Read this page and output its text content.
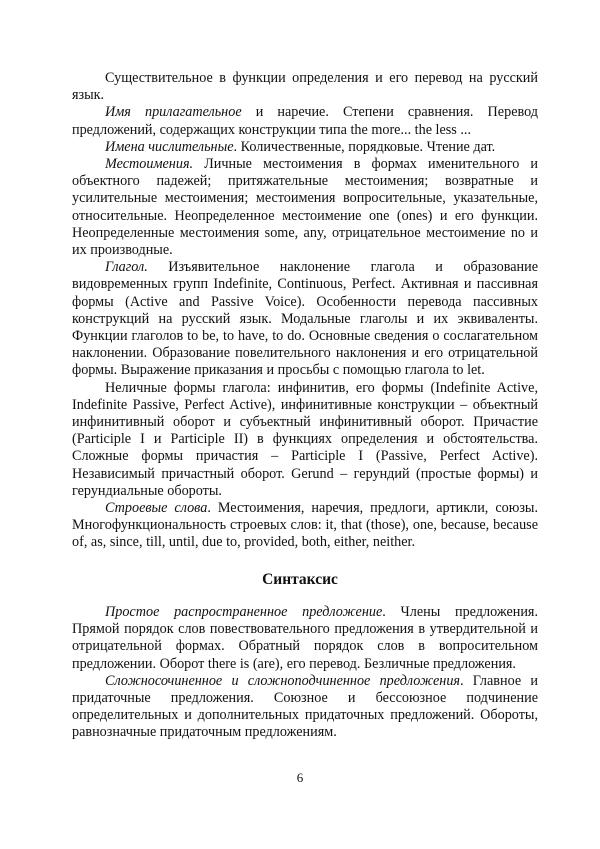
Существительное в функции определения и его перевод на русский язык.

Имя прилагательное и наречие. Степени сравнения. Перевод предложений, содержащих конструкции типа the more... the less ...

Имена числительные. Количественные, порядковые. Чтение дат.

Местоимения. Личные местоимения в формах именительного и объектного падежей; притяжательные местоимения; возвратные и усилительные местоимения; местоимения вопросительные, указательные, относительные. Неопределенное местоимение one (ones) и его функции. Неопределенные местоимения some, any, отрицательное местоимение no и их производные.

Глагол. Изъявительное наклонение глагола и образование видовременных групп Indefinite, Continuous, Perfect. Активная и пассивная формы (Active and Passive Voice). Особенности перевода пассивных конструкций на русский язык. Модальные глаголы и их эквиваленты. Функции глаголов to be, to have, to do. Основные сведения о сослагательном наклонении. Образование повелительного наклонения и его отрицательной формы. Выражение приказания и просьбы с помощью глагола to let.

Неличные формы глагола: инфинитив, его формы (Indefinite Active, Indefinite Passive, Perfect Active), инфинитивные конструкции – объектный инфинитивный оборот и субъектный инфинитивный оборот. Причастие (Participle I и Participle II) в функциях определения и обстоятельства. Сложные формы причастия – Participle I (Passive, Perfect Active). Независимый причастный оборот. Gerund – герундий (простые формы) и герундиальные обороты.

Строевые слова. Местоимения, наречия, предлоги, артикли, союзы. Многофункциональность строевых слов: it, that (those), one, because, because of, as, since, till, until, due to, provided, both, either, neither.

Синтаксис

Простое распространенное предложение. Члены предложения. Прямой порядок слов повествовательного предложения в утвердительной и отрицательной формах. Обратный порядок слов в вопросительном предложении. Оборот there is (are), его перевод. Безличные предложения.

Сложносочиненное и сложноподчиненное предложения. Главное и придаточные предложения. Союзное и бессоюзное подчинение определительных и дополнительных придаточных предложений. Обороты, равнозначные придаточным предложениям.

6
